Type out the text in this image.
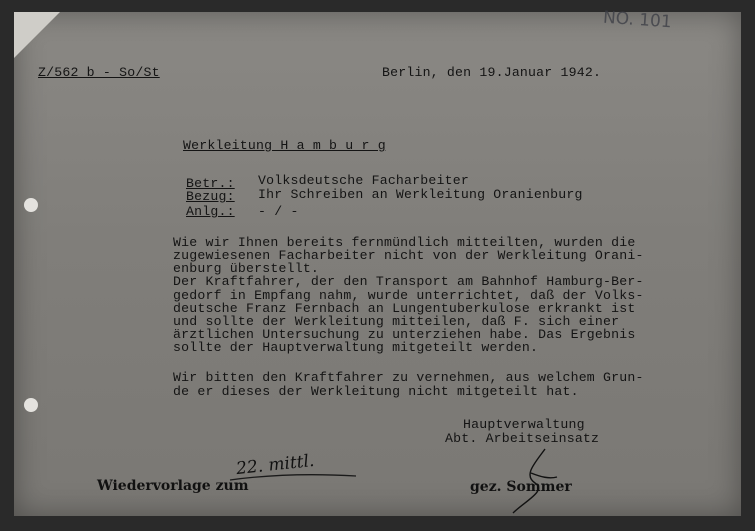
NO. 101
Z/562 b - So/St	Berlin, den 19.Januar 1942.
Werkleitung H a m b u r g
Betr.: Volksdeutsche Facharbeiter
Bezug: Ihr Schreiben an Werkleitung Oranienburg
Anlg.: - / -
Wie wir Ihnen bereits fernmündlich mitteilten, wurden die
zugewiesenen Facharbeiter nicht von der Werkleitung Orani-
enburg überstellt.
Der Kraftfahrer, der den Transport am Bahnhof Hamburg-Ber-
gedorf in Empfang nahm, wurde unterrichtet, daß der Volks-
deutsche Franz Fernbach an Lungentuberkulose erkrankt ist
und sollte der Werkleitung mitteilen, daß F. sich einer
ärztlichen Untersuchung zu unterziehen habe. Das Ergebnis
sollte der Hauptverwaltung mitgeteilt werden.
Wir bitten den Kraftfahrer zu vernehmen, aus welchem Grun-
de er dieses der Werkleitung nicht mitgeteilt hat.
Hauptverwaltung
Abt. Arbeitseinsatz
Wiedervorlage zum
22. mittl.
gez. Sommer
